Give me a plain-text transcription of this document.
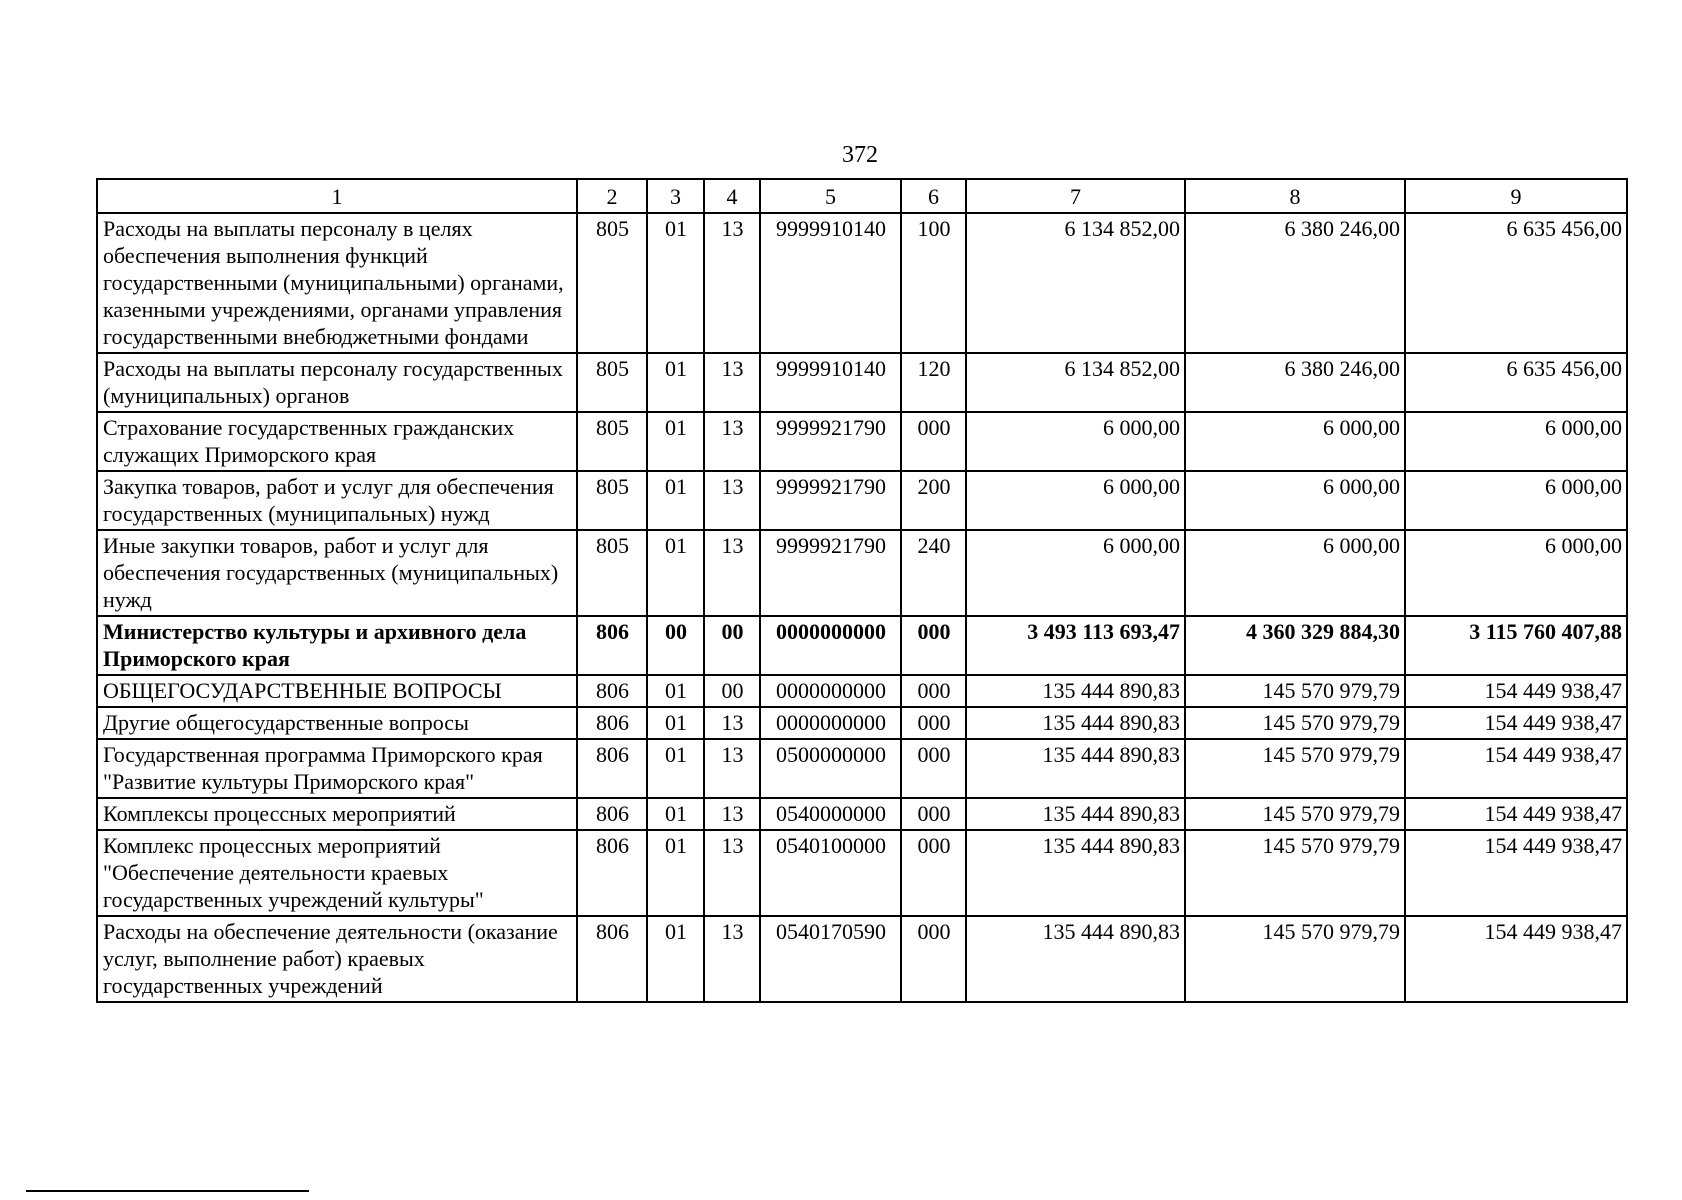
372
1	2	3	4	5	6	7	8	9
Расходы на выплаты персоналу в целях обеспечения выполнения функций государственными (муниципальными) органами, казенными учреждениями, органами управления государственными внебюджетными фондами	805	01	13	9999910140	100	6 134 852,00	6 380 246,00	6 635 456,00
Расходы на выплаты персоналу государственных (муниципальных) органов	805	01	13	9999910140	120	6 134 852,00	6 380 246,00	6 635 456,00
Страхование государственных гражданских служащих Приморского края	805	01	13	9999921790	000	6 000,00	6 000,00	6 000,00
Закупка товаров, работ и услуг для обеспечения государственных (муниципальных) нужд	805	01	13	9999921790	200	6 000,00	6 000,00	6 000,00
Иные закупки товаров, работ и услуг для обеспечения государственных (муниципальных) нужд	805	01	13	9999921790	240	6 000,00	6 000,00	6 000,00
Министерство культуры и архивного дела Приморского края	806	00	00	0000000000	000	3 493 113 693,47	4 360 329 884,30	3 115 760 407,88
ОБЩЕГОСУДАРСТВЕННЫЕ ВОПРОСЫ	806	01	00	0000000000	000	135 444 890,83	145 570 979,79	154 449 938,47
Другие общегосударственные вопросы	806	01	13	0000000000	000	135 444 890,83	145 570 979,79	154 449 938,47
Государственная программа Приморского края "Развитие культуры Приморского края"	806	01	13	0500000000	000	135 444 890,83	145 570 979,79	154 449 938,47
Комплексы процессных мероприятий	806	01	13	0540000000	000	135 444 890,83	145 570 979,79	154 449 938,47
Комплекс процессных мероприятий "Обеспечение деятельности краевых государственных учреждений культуры"	806	01	13	0540100000	000	135 444 890,83	145 570 979,79	154 449 938,47
Расходы на обеспечение деятельности (оказание услуг, выполнение работ) краевых государственных учреждений	806	01	13	0540170590	000	135 444 890,83	145 570 979,79	154 449 938,47
